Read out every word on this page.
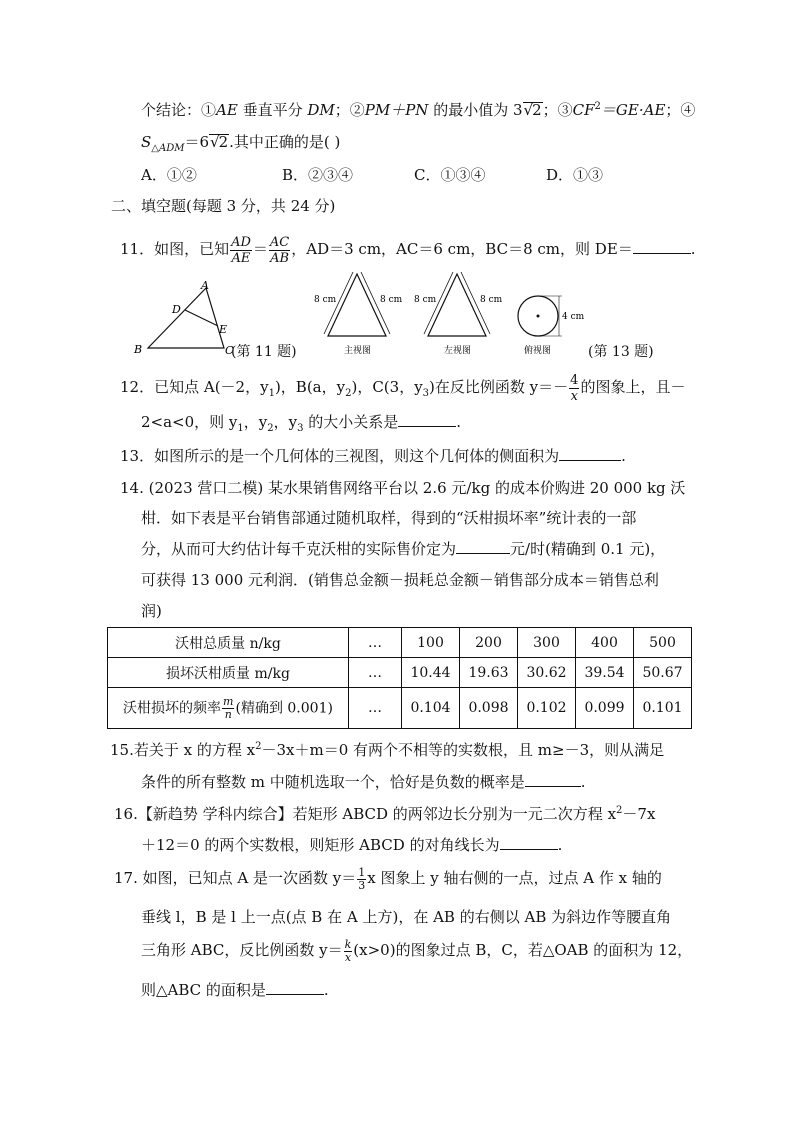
个结论：①AE 垂直平分 DM；②PM＋PN 的最小值为 3 √ 2；$③CF^2=GE\cdot AE$；④
$S_{\triangle ADM}=6$ √ 2.其中正确的是( )
A．①②	B．②③④	C．①③④	D．①③
二、填空题(每题 3 分，共 24 分)
11．如图，已知 $\frac{AD}{AE} = \frac{AC}{AB}$ ，AD＝3 cm，AC＝6 cm，BC＝8 cm，则 DE＝	.
A
D
E
B	C
(第 11 题)
8 cm	8 cm
主视图
8 cm	8 cm
左视图
4 cm
俯视图	(第 13 题)
12．已知点 A(－2，$y_1$)，B(a，$y_2$)，C(3，$y_3$)在反比例函数 $y=- \frac{4}{x}$ 的图象上，且－
2<a<0，则 $y_1$，$y_2$，$y_3$ 的大小关系是	.
13．如图所示的是一个几何体的三视图，则这个几何体的侧面积为	.
14. (2023 营口二模) 某水果销售网络平台以 2.6 元/kg 的成本价购进 20 000 kg 沃
柑．如下表是平台销售部通过随机取样，得到的“沃柑损坏率”统计表的一部
分，从而可大约估计每千克沃柑的实际售价定为	元/时(精确到 0.1 元)，
可获得 13 000 元利润．(销售总金额－损耗总金额－销售部分成本＝销售总利
润)
沃柑总质量 n/kg	…	100	200	300	400	500
损坏沃柑质量 m/kg	…	10.44	19.63	30.62	39.54	50.67
沃柑损坏的频率 $\frac{m}{n}$ (精确到 0.001)	…	0.104	0.098	0.102	0.099	0.101
15.若关于 x 的方程 $x^2-3x+m=0$ 有两个不相等的实数根，且 m≥－3，则从满足
条件的所有整数 m 中随机选取一个，恰好是负数的概率是	.
16.【新趋势 学科内综合】若矩形 ABCD 的两邻边长分别为一元二次方程 $x^2-7x$
＋12＝0 的两个实数根，则矩形 ABCD 的对角线长为	.
17. 如图，已知点 A 是一次函数 $y= \frac{1}{3}$ x 图象上 y 轴右侧的一点，过点 A 作 x 轴的
垂线 l，B 是 l 上一点(点 B 在 A 上方)，在 AB 的右侧以 AB 为斜边作等腰直角
三角形 ABC，反比例函数 $y= \frac{k}{x} (x>0)$的图象过点 B，C，若△OAB 的面积为 12，
则△ABC 的面积是	.
